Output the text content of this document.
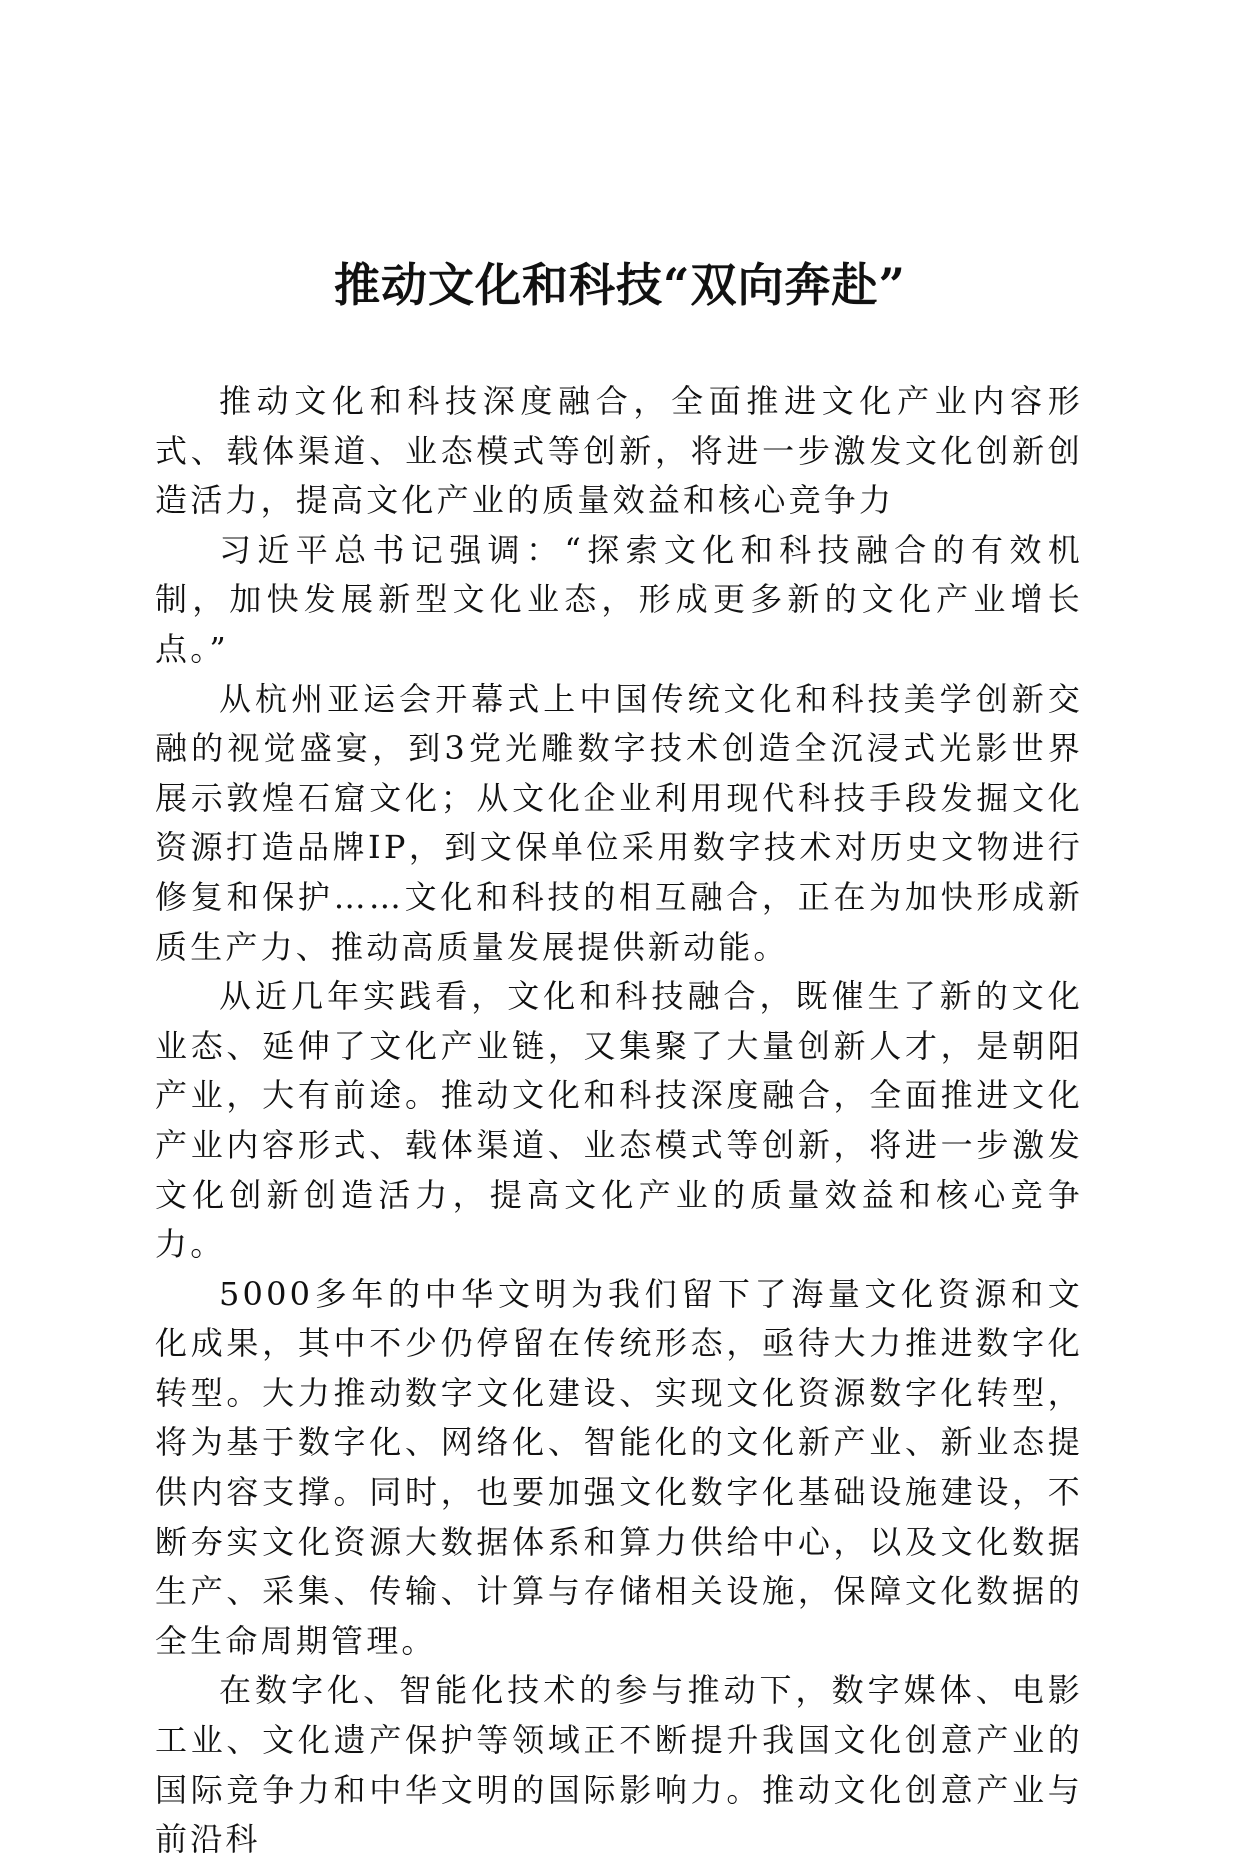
推动文化和科技“双向奔赴”

推动文化和科技深度融合，全面推进文化产业内容形式、载体渠道、业态模式等创新，将进一步激发文化创新创造活力，提高文化产业的质量效益和核心竞争力

习近平总书记强调：“探索文化和科技融合的有效机制，加快发展新型文化业态，形成更多新的文化产业增长点。”

从杭州亚运会开幕式上中国传统文化和科技美学创新交融的视觉盛宴，到3党光雕数字技术创造全沉浸式光影世界展示敦煌石窟文化；从文化企业利用现代科技手段发掘文化资源打造品牌IP，到文保单位采用数字技术对历史文物进行修复和保护……文化和科技的相互融合，正在为加快形成新质生产力、推动高质量发展提供新动能。

从近几年实践看，文化和科技融合，既催生了新的文化业态、延伸了文化产业链，又集聚了大量创新人才，是朝阳产业，大有前途。推动文化和科技深度融合，全面推进文化产业内容形式、载体渠道、业态模式等创新，将进一步激发文化创新创造活力，提高文化产业的质量效益和核心竞争力。

5000多年的中华文明为我们留下了海量文化资源和文化成果，其中不少仍停留在传统形态，亟待大力推进数字化转型。大力推动数字文化建设、实现文化资源数字化转型，将为基于数字化、网络化、智能化的文化新产业、新业态提供内容支撑。同时，也要加强文化数字化基础设施建设，不断夯实文化资源大数据体系和算力供给中心，以及文化数据生产、采集、传输、计算与存储相关设施，保障文化数据的全生命周期管理。

在数字化、智能化技术的参与推动下，数字媒体、电影工业、文化遗产保护等领域正不断提升我国文化创意产业的国际竞争力和中华文明的国际影响力。推动文化创意产业与前沿科
